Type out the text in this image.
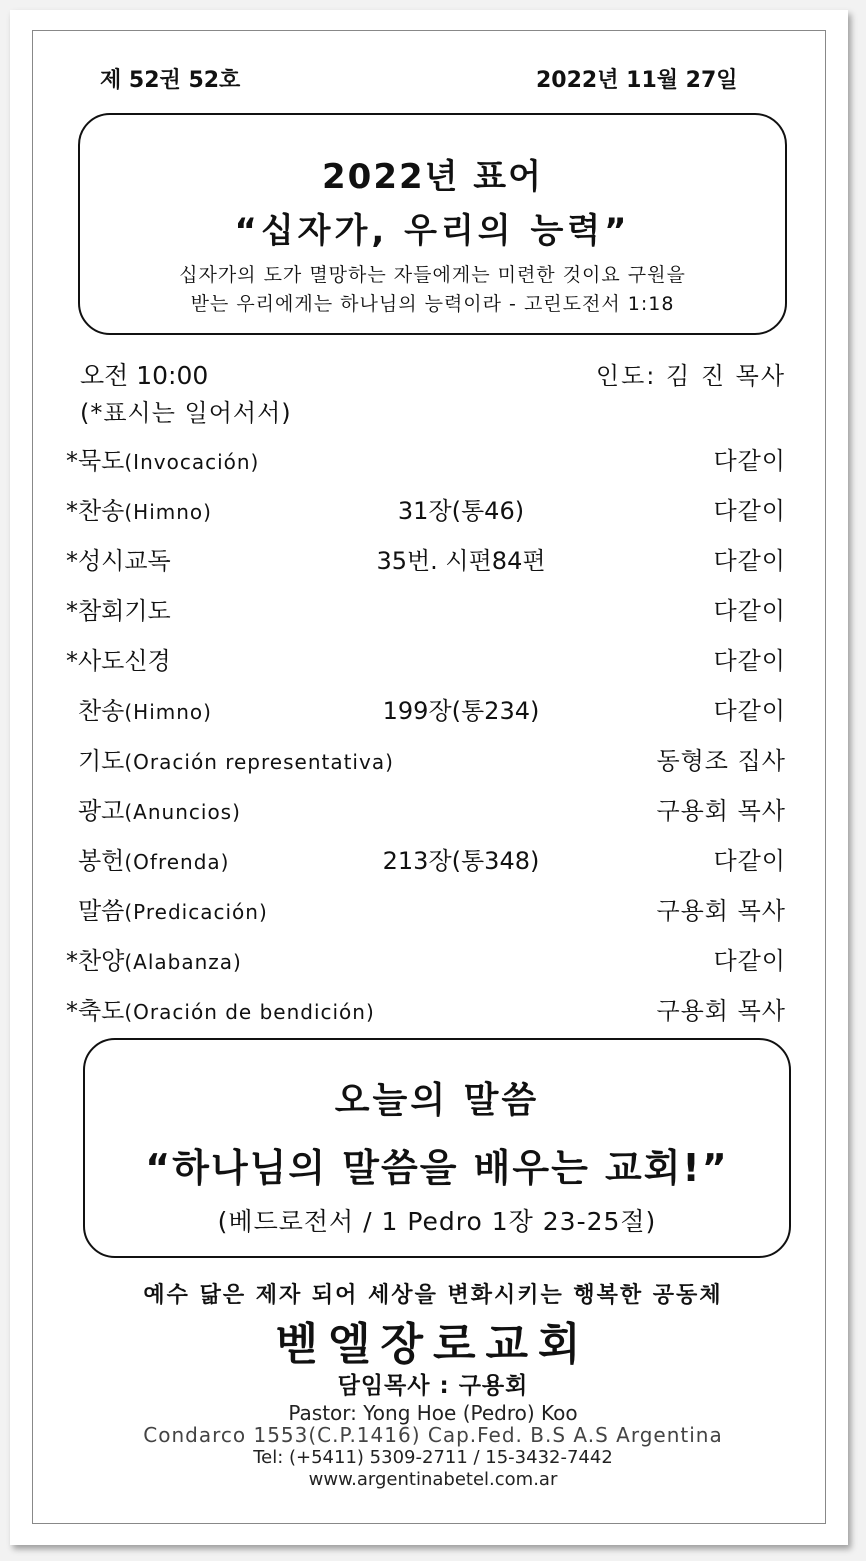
제 52권 52호	2022년 11월 27일
2022년 표어
“십자가, 우리의 능력”
십자가의 도가 멸망하는 자들에게는 미련한 것이요 구원을
받는 우리에게는 하나님의 능력이라 - 고린도전서 1:18
오전 10:00	인도: 김 진 목사
(*표시는 일어서서)
*묵도(Invocación)	다같이
*찬송(Himno)	31장(통46)	다같이
*성시교독	35번. 시편84편	다같이
*참회기도	다같이
*사도신경	다같이
찬송(Himno)	199장(통234)	다같이
기도(Oración representativa)	동형조 집사
광고(Anuncios)	구용회 목사
봉헌(Ofrenda)	213장(통348)	다같이
말씀(Predicación)	구용회 목사
*찬양(Alabanza)	다같이
*축도(Oración de bendición)	구용회 목사
오늘의 말씀
“하나님의 말씀을 배우는 교회!”
(베드로전서 / 1 Pedro 1장 23-25절)
예수 닮은 제자 되어 세상을 변화시키는 행복한 공동체
벧엘장로교회
담임목사 : 구용회
Pastor: Yong Hoe (Pedro) Koo
Condarco 1553(C.P.1416) Cap.Fed. B.S A.S Argentina
Tel: (+5411) 5309-2711 / 15-3432-7442
www.argentinabetel.com.ar
